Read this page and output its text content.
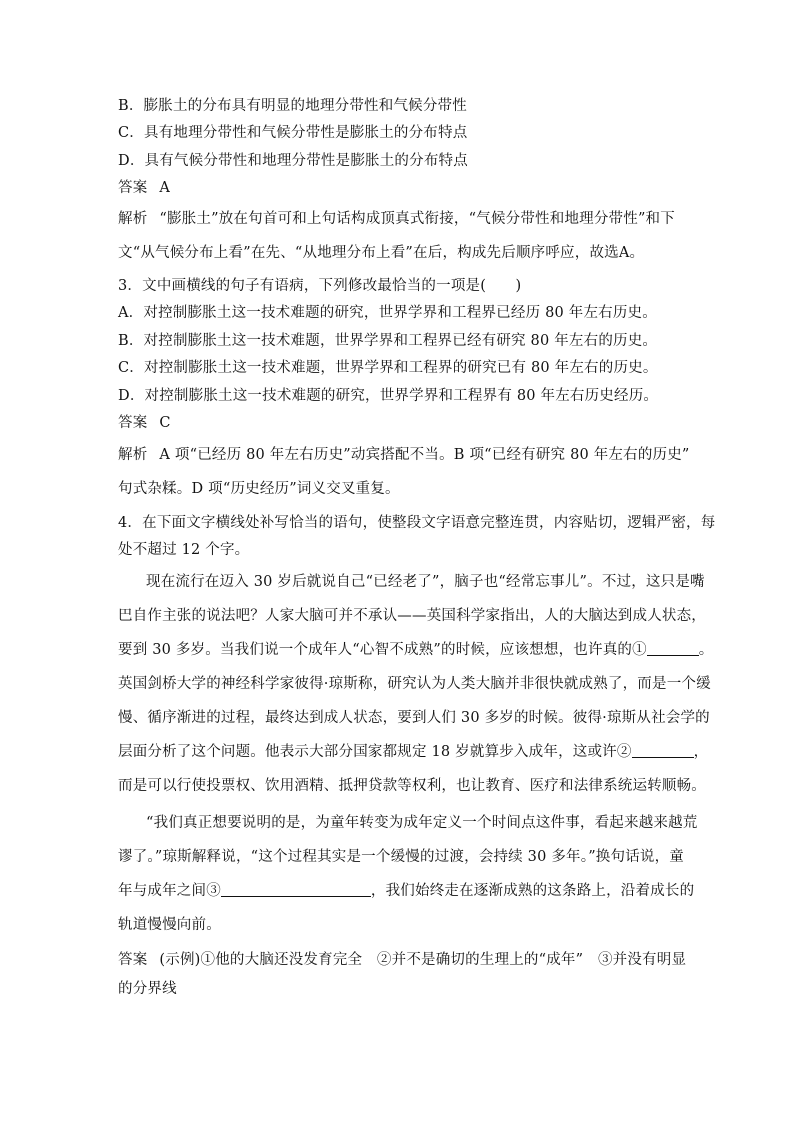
B．膨胀土的分布具有明显的地理分带性和气候分带性
C．具有地理分带性和气候分带性是膨胀土的分布特点
D．具有气候分带性和地理分带性是膨胀土的分布特点
答案 A
解析 “膨胀土”放在句首可和上句话构成顶真式衔接，“气候分带性和地理分带性”和下
文“从气候分布上看”在先、“从地理分布上看”在后，构成先后顺序呼应，故选A。
3．文中画横线的句子有语病，下列修改最恰当的一项是(　　)
A．对控制膨胀土这一技术难题的研究，世界学界和工程界已经历 80 年左右历史。
B．对控制膨胀土这一技术难题，世界学界和工程界已经有研究 80 年左右的历史。
C．对控制膨胀土这一技术难题，世界学界和工程界的研究已有 80 年左右的历史。
D．对控制膨胀土这一技术难题的研究，世界学界和工程界有 80 年左右历史经历。
答案 C
解析 A 项“已经历 80 年左右历史”动宾搭配不当。B 项“已经有研究 80 年左右的历史”
句式杂糅。D 项“历史经历”词义交叉重复。
4．在下面文字横线处补写恰当的语句，使整段文字语意完整连贯，内容贴切，逻辑严密，每
处不超过 12 个字。
现在流行在迈入 30 岁后就说自己“已经老了”，脑子也“经常忘事儿”。不过，这只是嘴
巴自作主张的说法吧？人家大脑可并不承认——英国科学家指出，人的大脑达到成人状态，
要到 30 多岁。当我们说一个成年人“心智不成熟”的时候，应该想想，也许真的①	。
英国剑桥大学的神经科学家彼得·琼斯称，研究认为人类大脑并非很快就成熟了，而是一个缓
慢、循序渐进的过程，最终达到成人状态，要到人们 30 多岁的时候。彼得·琼斯从社会学的
层面分析了这个问题。他表示大部分国家都规定 18 岁就算步入成年，这或许②	，
而是可以行使投票权、饮用酒精、抵押贷款等权利，也让教育、医疗和法律系统运转顺畅。
“我们真正想要说明的是，为童年转变为成年定义一个时间点这件事，看起来越来越荒
谬了。”琼斯解释说，“这个过程其实是一个缓慢的过渡，会持续 30 多年。”换句话说，童
年与成年之间③	，我们始终走在逐渐成熟的这条路上，沿着成长的
轨道慢慢向前。
答案 (示例)①他的大脑还没发育完全　②并不是确切的生理上的“成年”　③并没有明显
的分界线
